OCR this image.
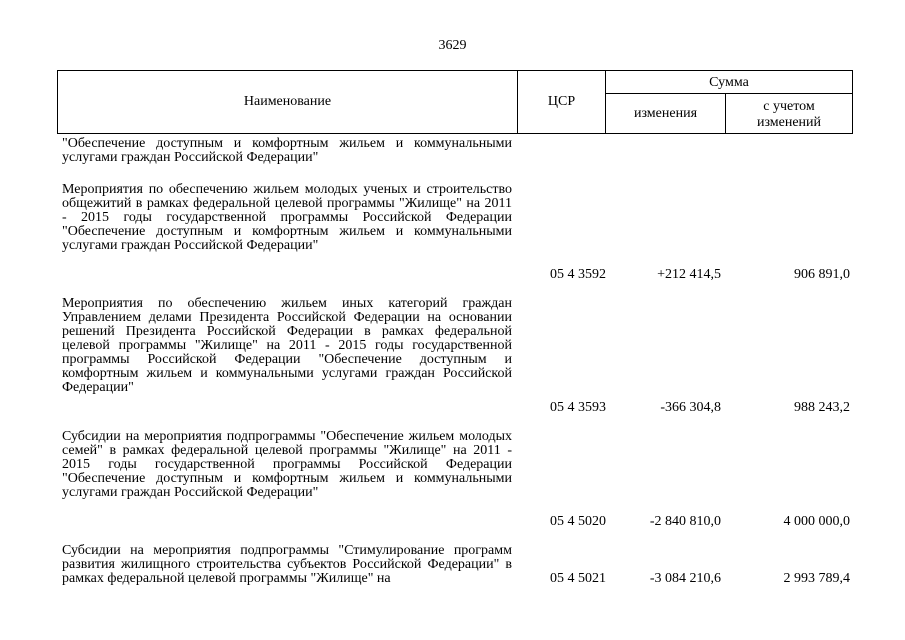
3629
Наименование	ЦСР
Сумма
изменения	с учетом
изменений
"Обеспечение доступным и комфортным жильем и коммунальными услугами граждан Российской Федерации"
Мероприятия по обеспечению жильем молодых ученых и строительство общежитий в рамках федеральной целевой программы "Жилище" на 2011 - 2015 годы государственной программы Российской Федерации "Обеспечение доступным и комфортным жильем и коммунальными услугами граждан Российской Федерации"
05 4 3592	+212 414,5	906 891,0
Мероприятия по обеспечению жильем иных категорий граждан Управлением делами Президента Российской Федерации на основании решений Президента Российской Федерации в рамках федеральной целевой программы "Жилище" на 2011 - 2015 годы государственной программы Российской Федерации "Обеспечение доступным и комфортным жильем и коммунальными услугами граждан Российской Федерации"
05 4 3593	-366 304,8	988 243,2
Субсидии на мероприятия подпрограммы "Обеспечение жильем молодых семей" в рамках федеральной целевой программы "Жилище" на 2011 - 2015 годы государственной программы Российской Федерации "Обеспечение доступным и комфортным жильем и коммунальными услугами граждан Российской Федерации"
05 4 5020	-2 840 810,0	4 000 000,0
Субсидии на мероприятия подпрограммы "Стимулирование программ развития жилищного строительства субъектов Российской Федерации" в рамках федеральной целевой программы "Жилище" на	05 4 5021	-3 084 210,6	2 993 789,4
